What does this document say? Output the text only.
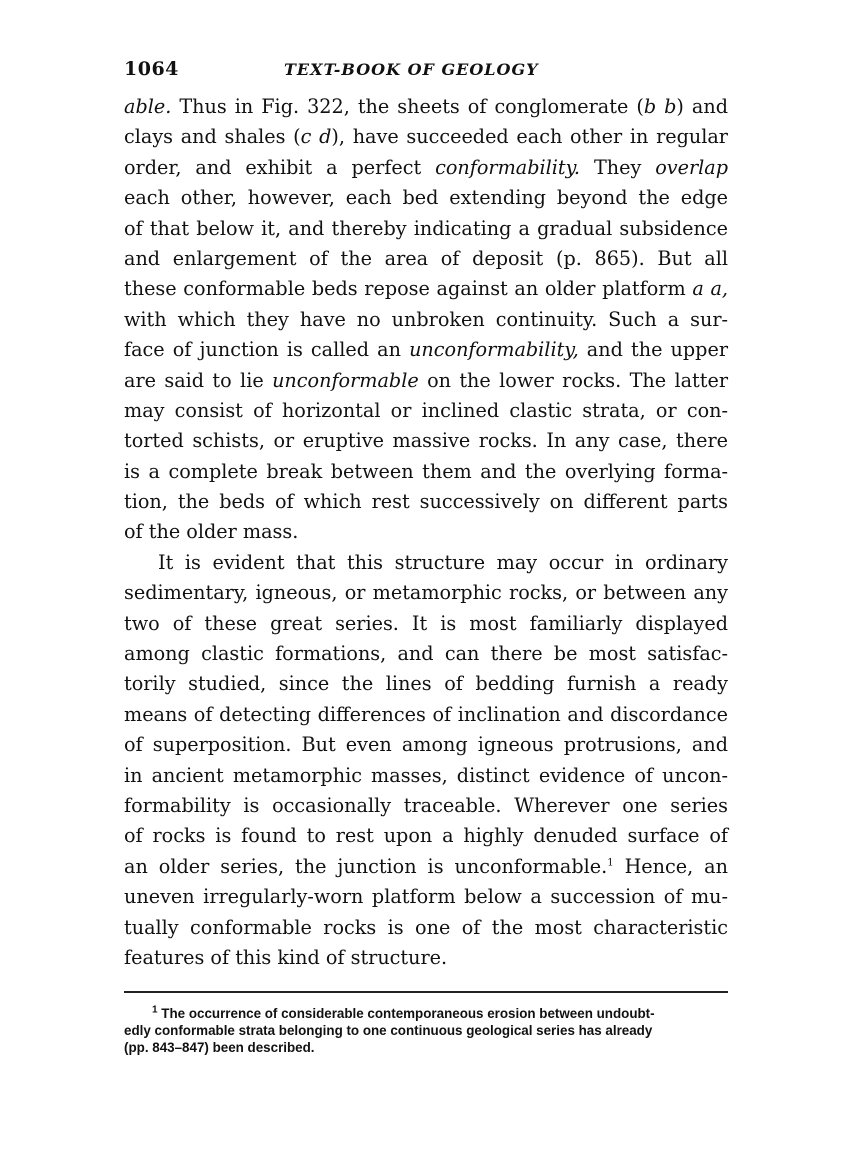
1064	TEXT-BOOK OF GEOLOGY
able. Thus in Fig. 322, the sheets of conglomerate (b b) and
clays and shales (c d), have succeeded each other in regular
order, and exhibit a perfect conformability. They overlap
each other, however, each bed extending beyond the edge
of that below it, and thereby indicating a gradual subsidence
and enlargement of the area of deposit (p. 865). But all
these conformable beds repose against an older platform a a,
with which they have no unbroken continuity. Such a sur-
face of junction is called an unconformability, and the upper
are said to lie unconformable on the lower rocks. The latter
may consist of horizontal or inclined clastic strata, or con-
torted schists, or eruptive massive rocks. In any case, there
is a complete break between them and the overlying forma-
tion, the beds of which rest successively on different parts
of the older mass.
It is evident that this structure may occur in ordinary
sedimentary, igneous, or metamorphic rocks, or between any
two of these great series. It is most familiarly displayed
among clastic formations, and can there be most satisfac-
torily studied, since the lines of bedding furnish a ready
means of detecting differences of inclination and discordance
of superposition. But even among igneous protrusions, and
in ancient metamorphic masses, distinct evidence of uncon-
formability is occasionally traceable. Wherever one series
of rocks is found to rest upon a highly denuded surface of
an older series, the junction is unconformable.$^1$ Hence, an
uneven irregularly-worn platform below a succession of mu-
tually conformable rocks is one of the most characteristic
features of this kind of structure.
$^1$ The occurrence of considerable contemporaneous erosion between undoubt-
edly conformable strata belonging to one continuous geological series has already
(pp. 843–847) been described.
